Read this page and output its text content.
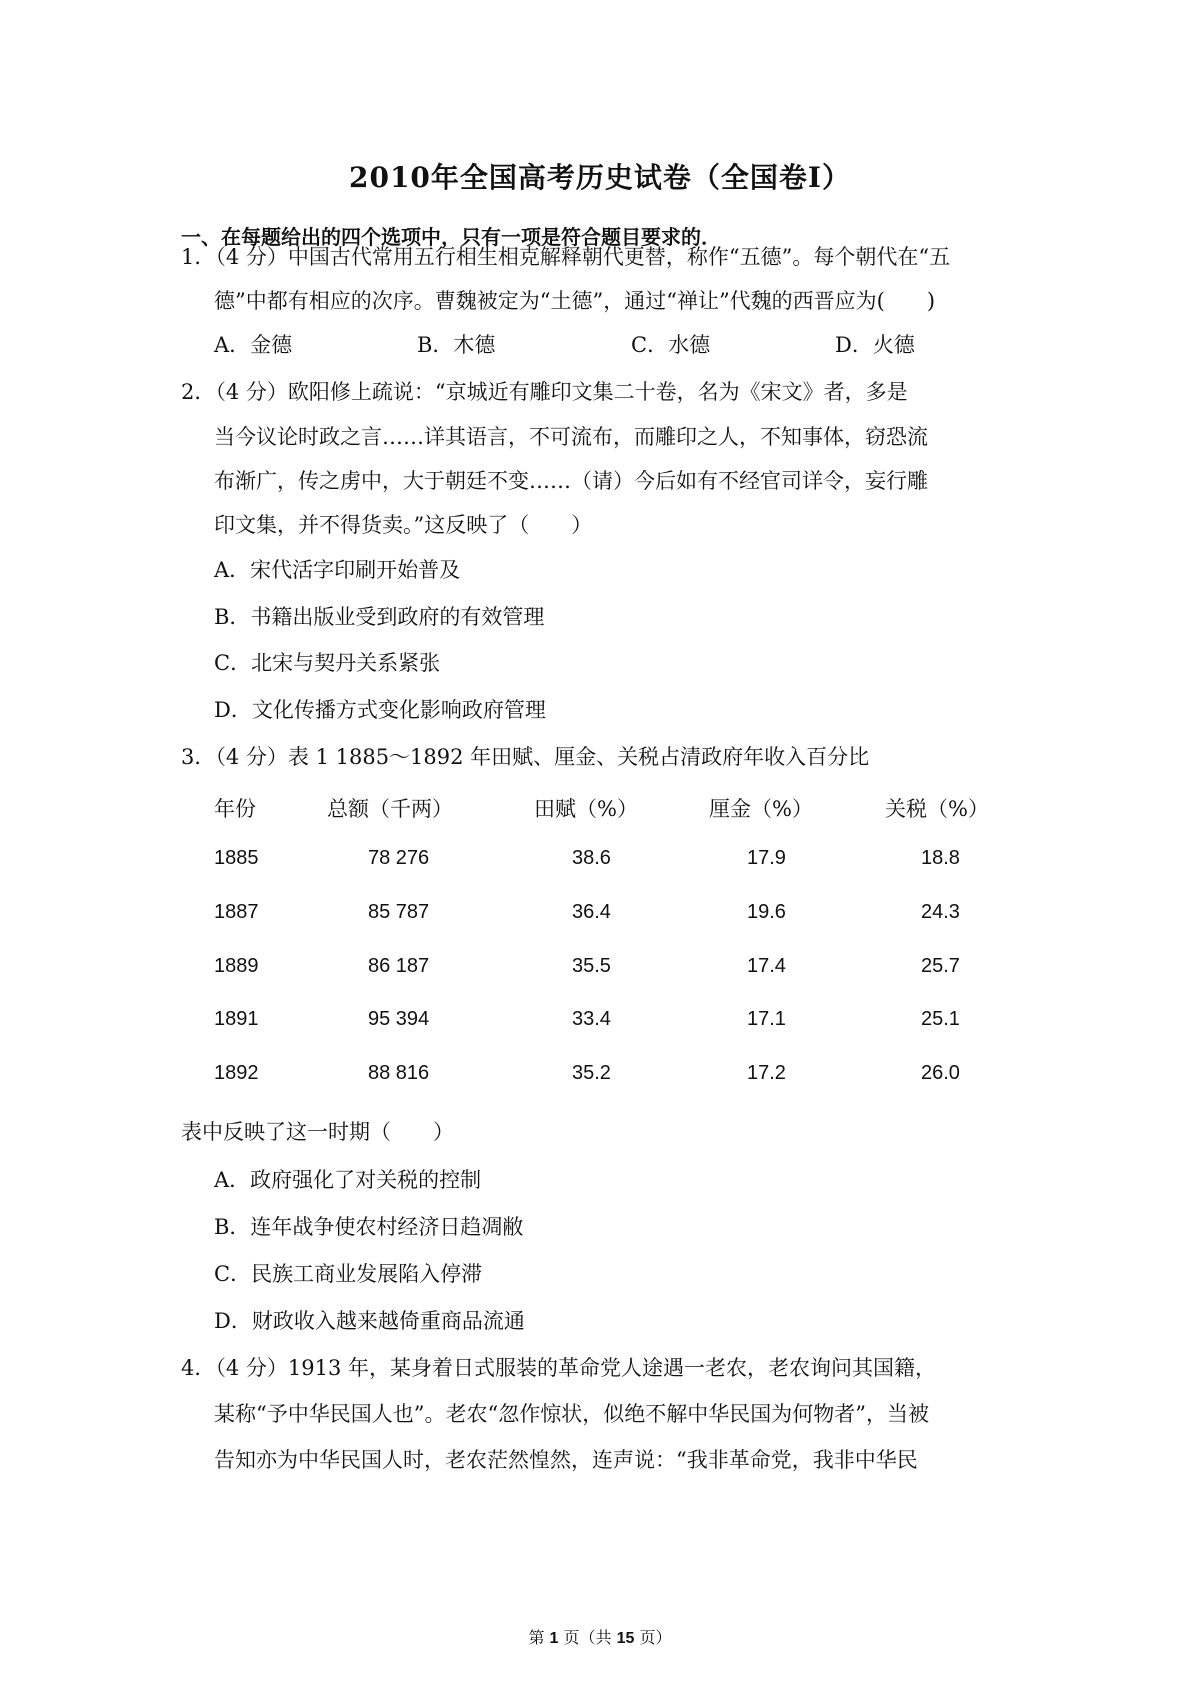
2010年全国高考历史试卷（全国卷Ⅰ）
一、在每题给出的四个选项中，只有一项是符合题目要求的．
1．（4 分）中国古代常用五行相生相克解释朝代更替，称作“五德”。每个朝代在“五
德”中都有相应的次序。曹魏被定为“土德”，通过“禅让”代魏的西晋应为(　　)
A．金德	B．木德	C．水德	D．火德
2．（4 分）欧阳修上疏说：“京城近有雕印文集二十卷，名为《宋文》者，多是
当今议论时政之言……详其语言，不可流布，而雕印之人，不知事体，窃恐流
布渐广，传之虏中，大于朝廷不变……（请）今后如有不经官司详令，妄行雕
印文集，并不得货卖。”这反映了（　　）
A．宋代活字印刷开始普及
B．书籍出版业受到政府的有效管理
C．北宋与契丹关系紧张
D．文化传播方式变化影响政府管理
3．（4 分）表 1 1885～1892 年田赋、厘金、关税占清政府年收入百分比
年份	总额（千两）	田赋（%）	厘金（%）	关税（%）
1885	78 276	38.6	17.9	18.8
1887	85 787	36.4	19.6	24.3
1889	86 187	35.5	17.4	25.7
1891	95 394	33.4	17.1	25.1
1892	88 816	35.2	17.2	26.0
表中反映了这一时期（　　）
A．政府强化了对关税的控制
B．连年战争使农村经济日趋凋敝
C．民族工商业发展陷入停滞
D．财政收入越来越倚重商品流通
4．（4 分）1913 年，某身着日式服装的革命党人途遇一老农，老农询问其国籍，
某称“予中华民国人也”。老农“忽作惊状，似绝不解中华民国为何物者”，当被
告知亦为中华民国人时，老农茫然惶然，连声说：“我非革命党，我非中华民
第 1 页（共 15 页）
